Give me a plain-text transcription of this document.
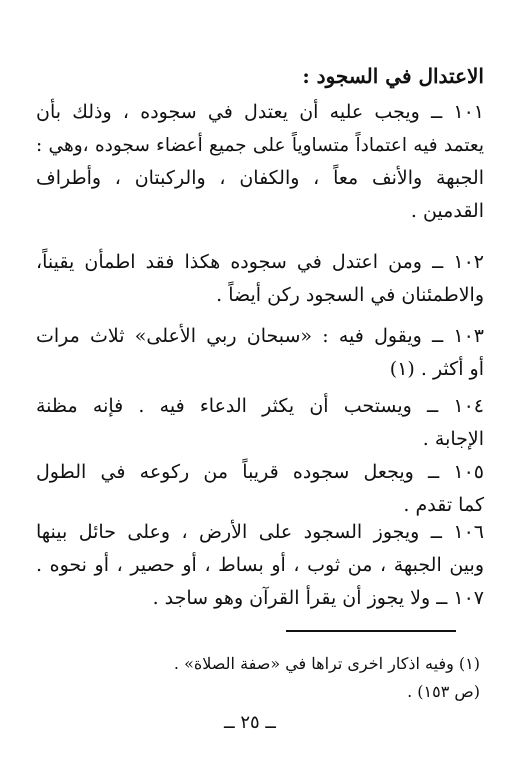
الاعتدال في السجود :
١٠١ ــ ويجب عليه أن يعتدل في سجوده ، وذلك بأن
يعتمد فيه اعتماداً متساوياً على جميع أعضاء سجوده ،وهي :
الجبهة والأنف معاً ، والكفان ، والركبتان ، وأطراف
القدمين .
١٠٢ ــ ومن اعتدل في سجوده هكذا فقد اطمأن يقيناً،
والاطمئنان في السجود ركن أيضاً .
١٠٣ ــ ويقول فيه : «سبحان ربي الأعلى» ثلاث مرات
أو أكثر . (١)
١٠٤ ــ ويستحب أن يكثر الدعاء فيه . فإنه مظنة
الإجابة .
١٠٥ ــ ويجعل سجوده قريباً من ركوعه في الطول
كما تقدم .
١٠٦ ــ ويجوز السجود على الأرض ، وعلى حائل بينها
وبين الجبهة ، من ثوب ، أو بساط ، أو حصير ، أو نحوه .
١٠٧ ــ ولا يجوز أن يقرأ القرآن وهو ساجد .
(١) وفيه اذكار اخرى تراها في «صفة الصلاة» .
(ص ١٥٣) .
ــ ٢٥ ــ
